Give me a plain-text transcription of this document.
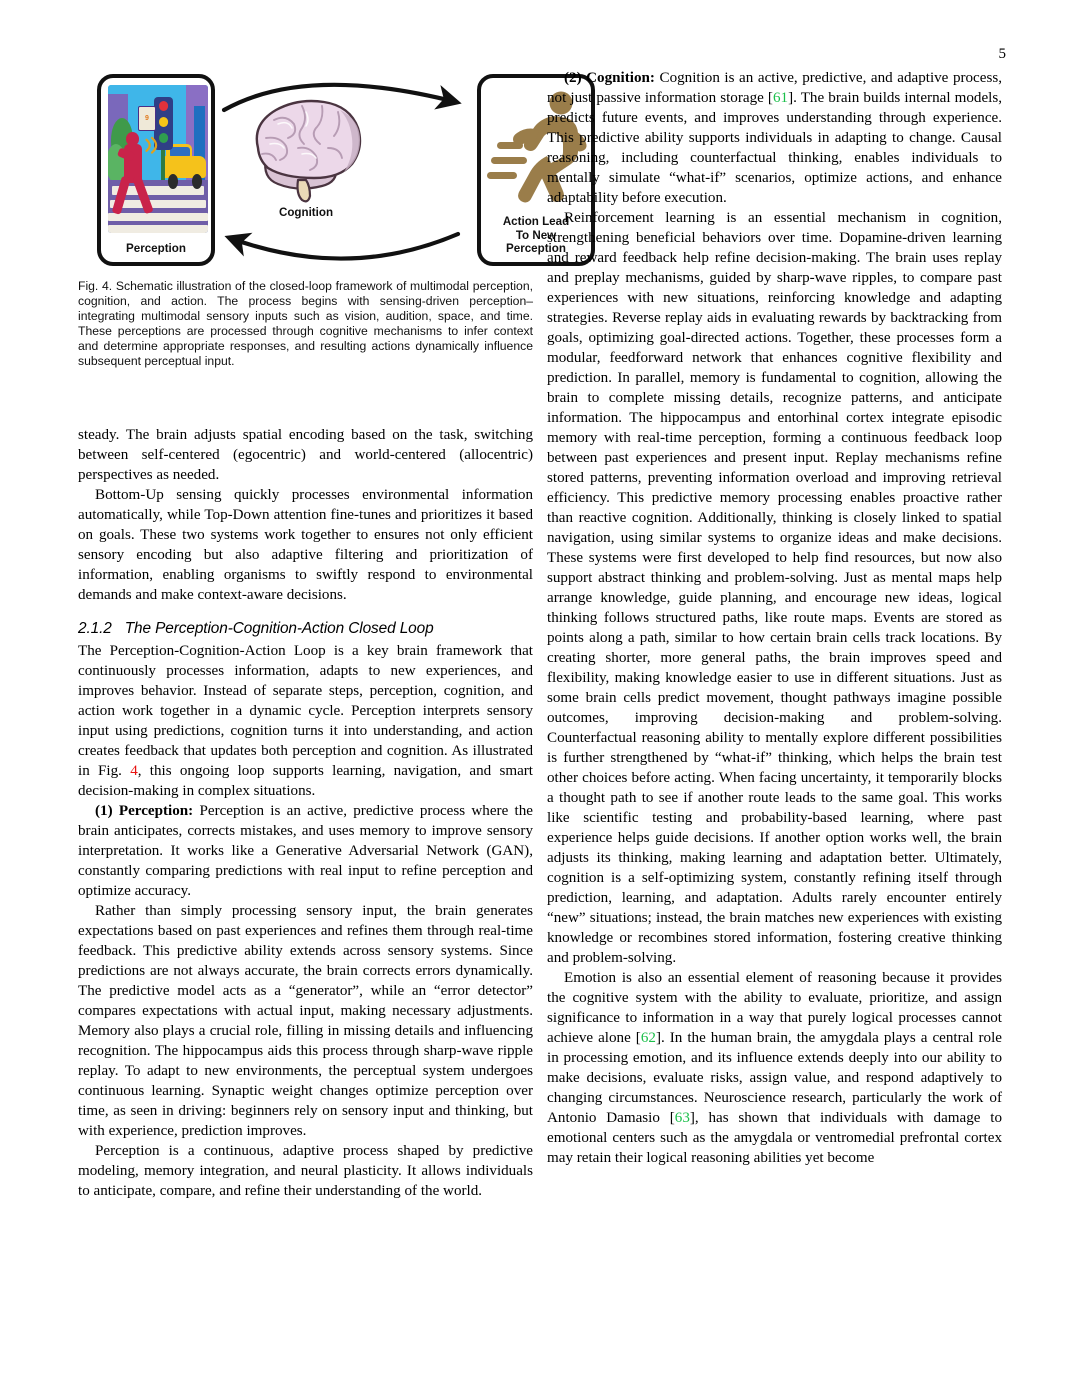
5
9
Perception
Cognition
Action Lead
To New
Perception
Fig. 4. Schematic illustration of the closed-loop framework of multimodal perception, cognition, and action. The process begins with sensing-driven perception–integrating multimodal sensory inputs such as vision, audition, space, and time. These perceptions are processed through cognitive mechanisms to infer context and determine appropriate responses, and resulting actions dynamically influence subsequent perceptual input.

steady. The brain adjusts spatial encoding based on the task, switching between self-centered (egocentric) and world-centered (allocentric) perspectives as needed.

Bottom-Up sensing quickly processes environmental information automatically, while Top-Down attention fine-tunes and prioritizes it based on goals. These two systems work together to ensures not only efficient sensory encoding but also adaptive filtering and prioritization of information, enabling organisms to swiftly respond to environmental demands and make context-aware decisions.

2.1.2 The Perception-Cognition-Action Closed Loop

The Perception-Cognition-Action Loop is a key brain framework that continuously processes information, adapts to new experiences, and improves behavior. Instead of separate steps, perception, cognition, and action work together in a dynamic cycle. Perception interprets sensory input using predictions, cognition turns it into understanding, and action creates feedback that updates both perception and cognition. As illustrated in Fig. 4, this ongoing loop supports learning, navigation, and smart decision-making in complex situations.

(1) Perception: Perception is an active, predictive process where the brain anticipates, corrects mistakes, and uses memory to improve sensory interpretation. It works like a Generative Adversarial Network (GAN), constantly comparing predictions with real input to refine perception and optimize accuracy.

Rather than simply processing sensory input, the brain generates expectations based on past experiences and refines them through real-time feedback. This predictive ability extends across sensory systems. Since predictions are not always accurate, the brain corrects errors dynamically. The predictive model acts as a “generator”, while an “error detector” compares expectations with actual input, making necessary adjustments. Memory also plays a crucial role, filling in missing details and influencing recognition. The hippocampus aids this process through sharp-wave ripple replay. To adapt to new environments, the perceptual system undergoes continuous learning. Synaptic weight changes optimize perception over time, as seen in driving: beginners rely on sensory input and thinking, but with experience, prediction improves.

Perception is a continuous, adaptive process shaped by predictive modeling, memory integration, and neural plasticity. It allows individuals to anticipate, compare, and refine their understanding of the world.

(2) Cognition: Cognition is an active, predictive, and adaptive process, not just passive information storage [61]. The brain builds internal models, predicts future events, and improves understanding through experience. This predictive ability supports individuals in adapting to change. Causal reasoning, including counterfactual thinking, enables individuals to mentally simulate “what-if” scenarios, optimize actions, and enhance adaptability before execution.

Reinforcement learning is an essential mechanism in cognition, strengthening beneficial behaviors over time. Dopamine-driven learning and reward feedback help refine decision-making. The brain uses replay and preplay mechanisms, guided by sharp-wave ripples, to compare past experiences with new situations, reinforcing knowledge and adapting strategies. Reverse replay aids in evaluating rewards by backtracking from goals, optimizing goal-directed actions. Together, these processes form a modular, feedforward network that enhances cognitive flexibility and prediction. In parallel, memory is fundamental to cognition, allowing the brain to complete missing details, recognize patterns, and anticipate information. The hippocampus and entorhinal cortex integrate episodic memory with real-time perception, forming a continuous feedback loop between past experiences and present input. Replay mechanisms refine stored patterns, preventing information overload and improving retrieval efficiency. This predictive memory processing enables proactive rather than reactive cognition. Additionally, thinking is closely linked to spatial navigation, using similar systems to organize ideas and make decisions. These systems were first developed to help find resources, but now also support abstract thinking and problem-solving. Just as mental maps help arrange knowledge, guide planning, and encourage new ideas, logical thinking follows structured paths, like route maps. Events are stored as points along a path, similar to how certain brain cells track locations. By creating shorter, more general paths, the brain improves speed and flexibility, making knowledge easier to use in different situations. Just as some brain cells predict movement, thought pathways imagine possible outcomes, improving decision-making and problem-solving. Counterfactual reasoning ability to mentally explore different possibilities is further strengthened by “what-if” thinking, which helps the brain test other choices before acting. When facing uncertainty, it temporarily blocks a thought path to see if another route leads to the same goal. This works like scientific testing and probability-based learning, where past experience helps guide decisions. If another option works well, the brain adjusts its thinking, making learning and adaptation better. Ultimately, cognition is a self-optimizing system, constantly refining itself through prediction, learning, and adaptation. Adults rarely encounter entirely “new” situations; instead, the brain matches new experiences with existing knowledge or recombines stored information, fostering creative thinking and problem-solving.

Emotion is also an essential element of reasoning because it provides the cognitive system with the ability to evaluate, prioritize, and assign significance to information in a way that purely logical processes cannot achieve alone [62]. In the human brain, the amygdala plays a central role in processing emotion, and its influence extends deeply into our ability to make decisions, evaluate risks, assign value, and respond adaptively to changing circumstances. Neuroscience research, particularly the work of Antonio Damasio [63], has shown that individuals with damage to emotional centers such as the amygdala or ventromedial prefrontal cortex may retain their logical reasoning abilities yet become
